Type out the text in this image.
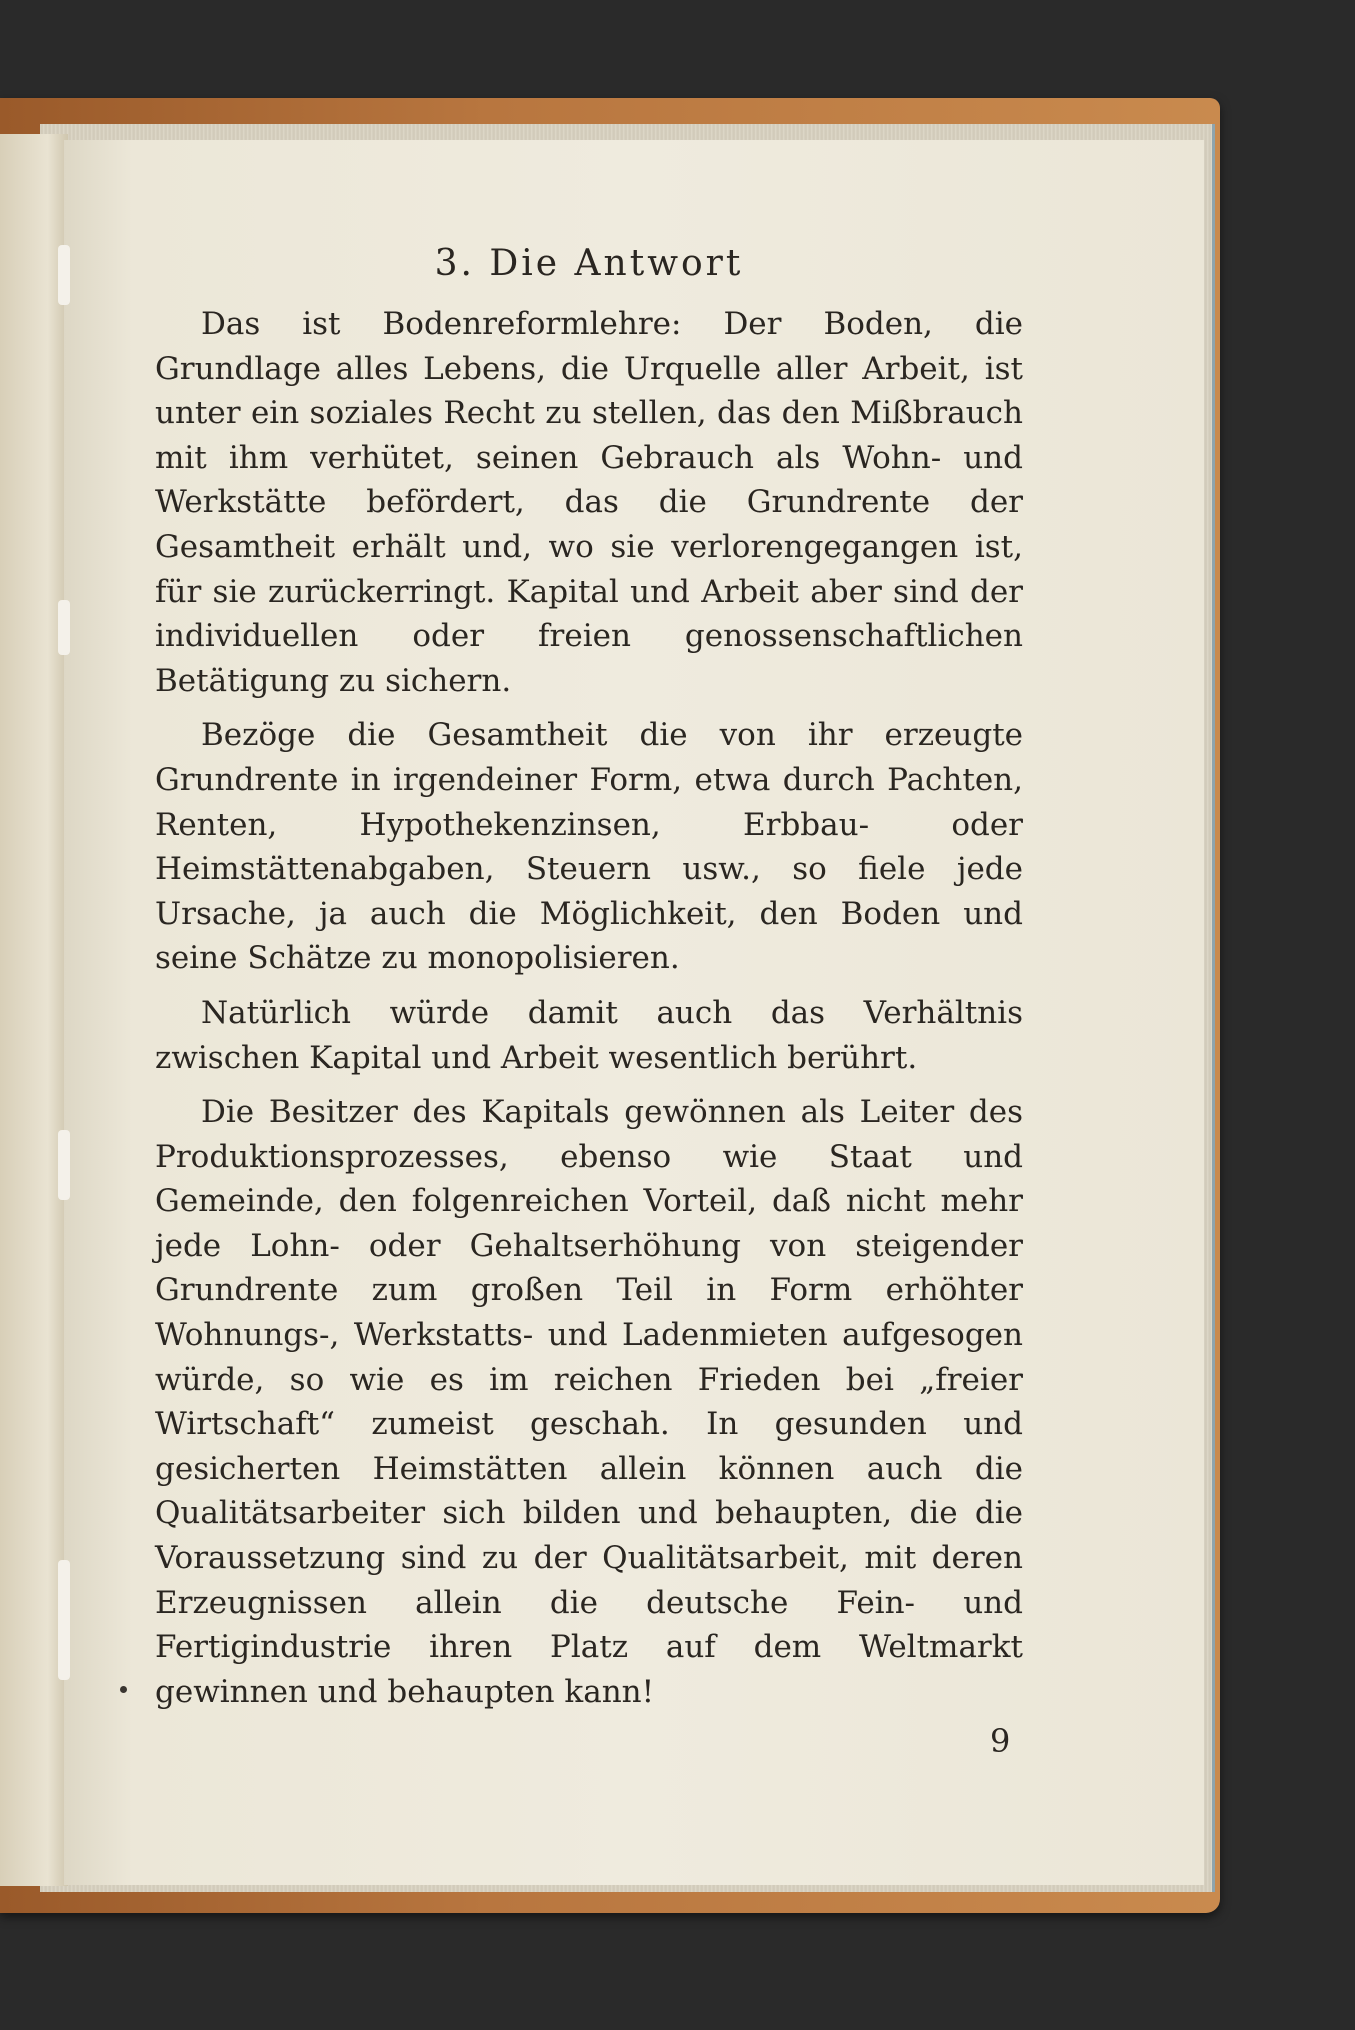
3. Die Antwort

Das ist Bodenreformlehre: Der Boden, die Grundlage alles Lebens, die Urquelle aller Arbeit, ist unter ein soziales Recht zu stellen, das den Mißbrauch mit ihm verhütet, seinen Gebrauch als Wohn- und Werkstätte befördert, das die Grundrente der Gesamtheit erhält und, wo sie verlorengegangen ist, für sie zurückerringt. Kapital und Arbeit aber sind der individuellen oder freien genossenschaftlichen Betätigung zu sichern.

Bezöge die Gesamtheit die von ihr erzeugte Grundrente in irgendeiner Form, etwa durch Pachten, Renten, Hypothekenzinsen, Erbbau- oder Heimstättenabgaben, Steuern usw., so fiele jede Ursache, ja auch die Möglichkeit, den Boden und seine Schätze zu monopolisieren.

Natürlich würde damit auch das Verhältnis zwischen Kapital und Arbeit wesentlich berührt.

Die Besitzer des Kapitals gewönnen als Leiter des Produktionsprozesses, ebenso wie Staat und Gemeinde, den folgenreichen Vorteil, daß nicht mehr jede Lohn- oder Gehaltserhöhung von steigender Grundrente zum großen Teil in Form erhöhter Wohnungs-, Werkstatts- und Ladenmieten aufgesogen würde, so wie es im reichen Frieden bei „freier Wirtschaft“ zumeist geschah. In gesunden und gesicherten Heimstätten allein können auch die Qualitätsarbeiter sich bilden und behaupten, die die Voraussetzung sind zu der Qualitätsarbeit, mit deren Erzeugnissen allein die deutsche Fein- und Fertigindustrie ihren Platz auf dem Weltmarkt gewinnen und behaupten kann!

9
